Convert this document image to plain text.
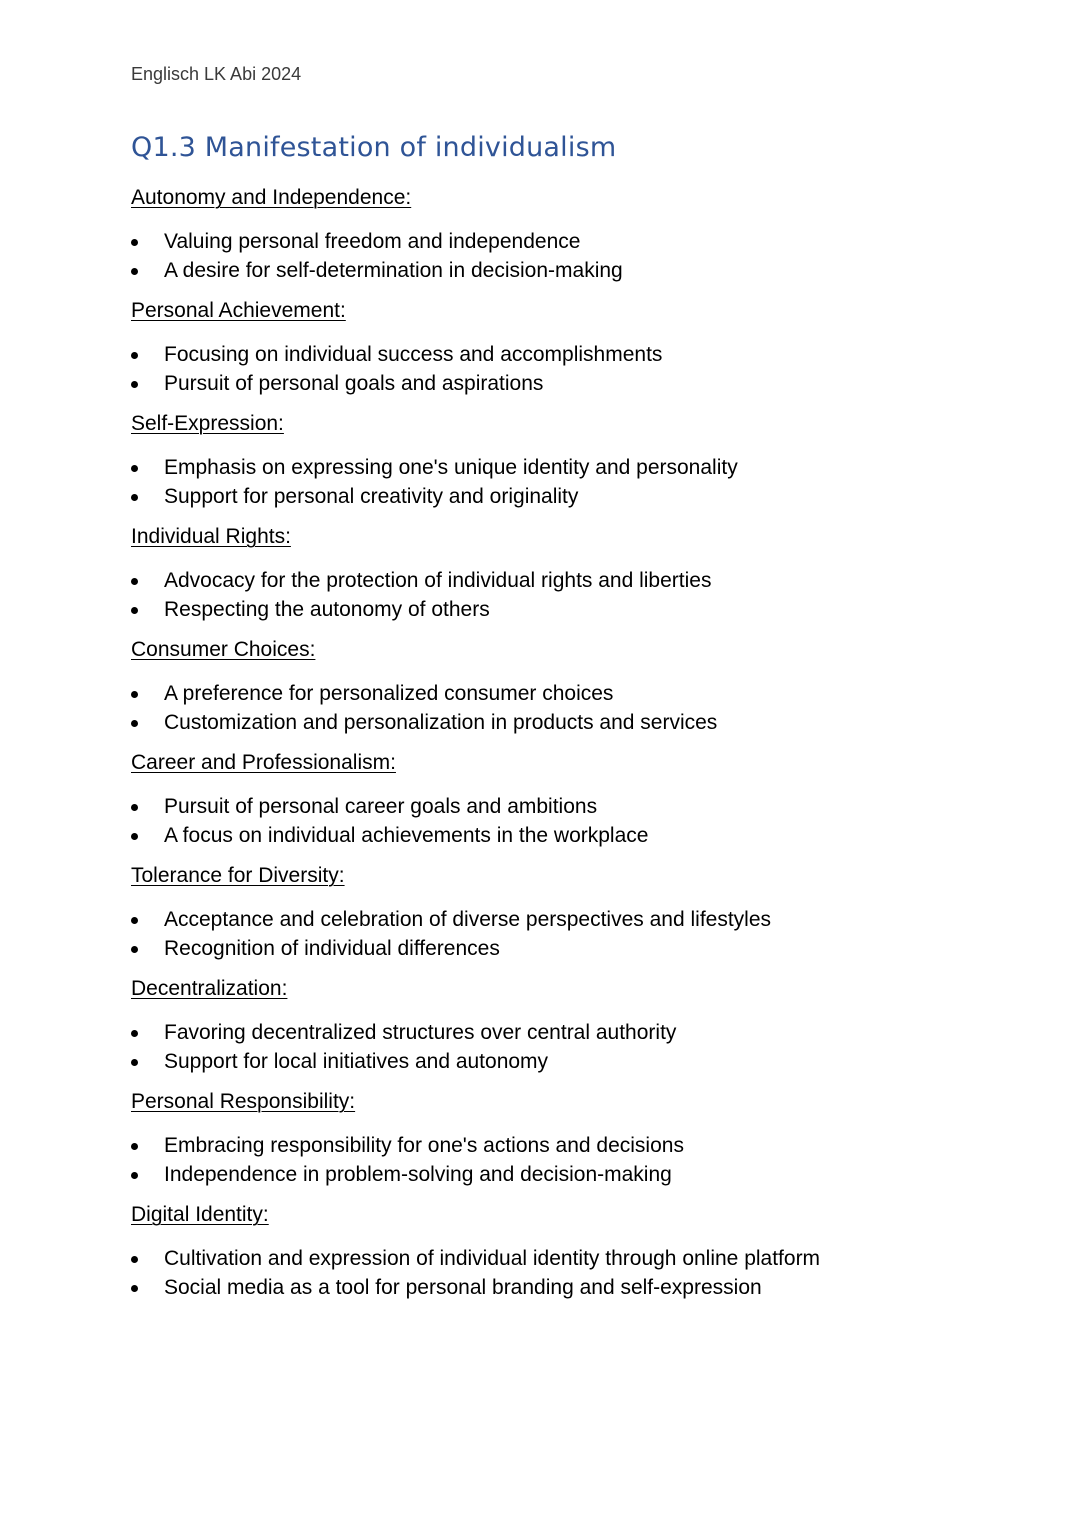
Englisch LK Abi 2024
Q1.3 Manifestation of individualism
Autonomy and Independence:
Valuing personal freedom and independence
A desire for self-determination in decision-making
Personal Achievement:
Focusing on individual success and accomplishments
Pursuit of personal goals and aspirations
Self-Expression:
Emphasis on expressing one's unique identity and personality
Support for personal creativity and originality
Individual Rights:
Advocacy for the protection of individual rights and liberties
Respecting the autonomy of others
Consumer Choices:
A preference for personalized consumer choices
Customization and personalization in products and services
Career and Professionalism:
Pursuit of personal career goals and ambitions
A focus on individual achievements in the workplace
Tolerance for Diversity:
Acceptance and celebration of diverse perspectives and lifestyles
Recognition of individual differences
Decentralization:
Favoring decentralized structures over central authority
Support for local initiatives and autonomy
Personal Responsibility:
Embracing responsibility for one's actions and decisions
Independence in problem-solving and decision-making
Digital Identity:
Cultivation and expression of individual identity through online platform
Social media as a tool for personal branding and self-expression
